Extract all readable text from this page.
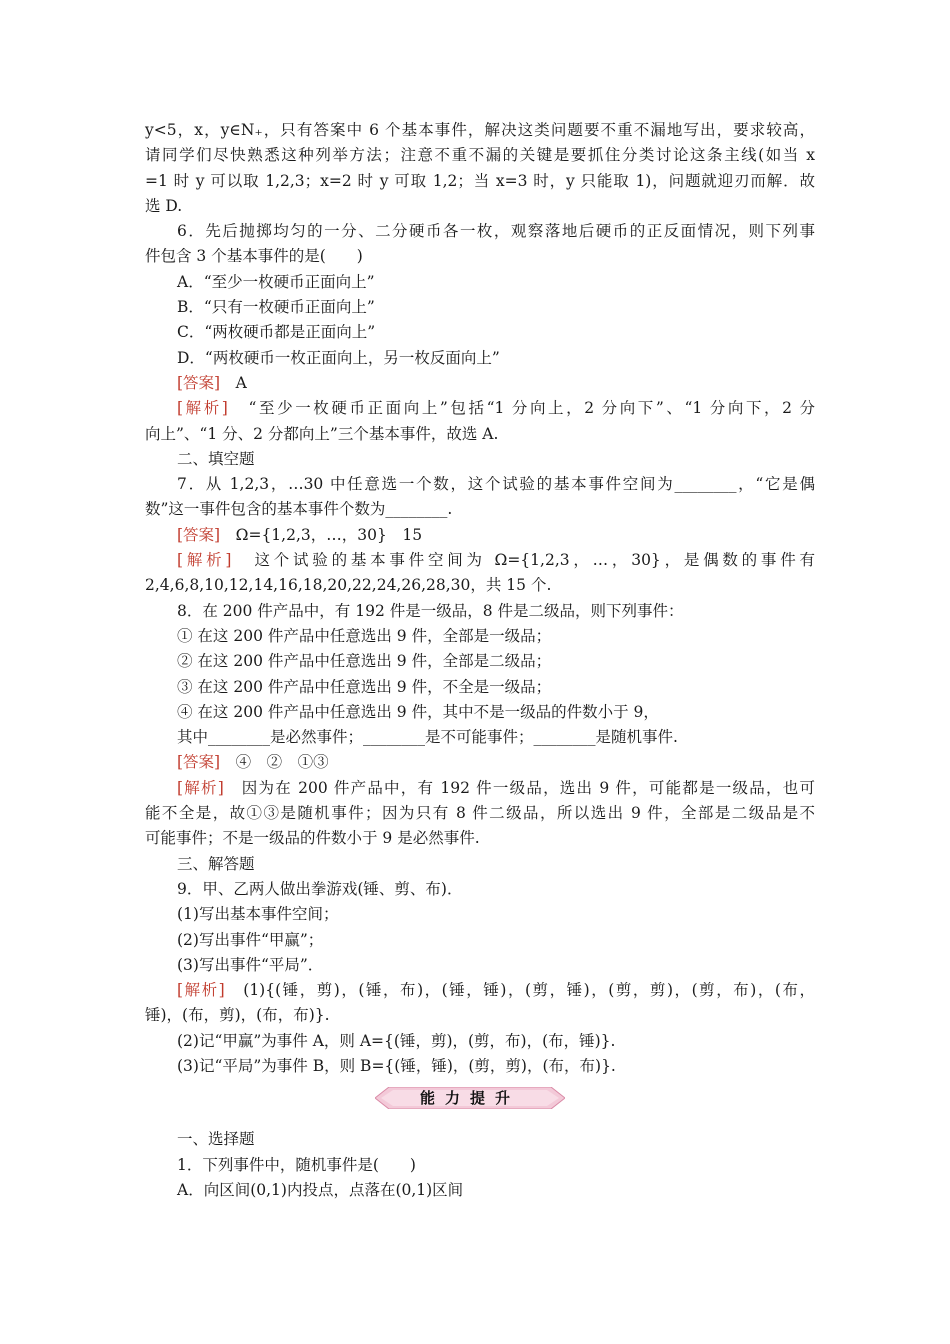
y<5，x，y∈N₊，只有答案中 6 个基本事件，解决这类问题要不重不漏地写出，要求较高，
请同学们尽快熟悉这种列举方法；注意不重不漏的关键是要抓住分类讨论这条主线(如当 x
=1 时 y 可以取 1,2,3；x=2 时 y 可取 1,2；当 x=3 时，y 只能取 1)，问题就迎刃而解．故
选 D.
6．先后抛掷均匀的一分、二分硬币各一枚，观察落地后硬币的正反面情况，则下列事
件包含 3 个基本事件的是(　　)
A．“至少一枚硬币正面向上”
B．“只有一枚硬币正面向上”
C．“两枚硬币都是正面向上”
D．“两枚硬币一枚正面向上，另一枚反面向上”
[答案]　A
[解析]　“至少一枚硬币正面向上”包括“1 分向上，2 分向下”、“1 分向下，2 分
向上”、“1 分、2 分都向上”三个基本事件，故选 A.
二、填空题
7．从 1,2,3，…30 中任意选一个数，这个试验的基本事件空间为________，“它是偶
数”这一事件包含的基本事件个数为________.
[答案]　Ω={1,2,3，…，30}　15
[解析]　这个试验的基本事件空间为 Ω={1,2,3，…，30}，是偶数的事件有
2,4,6,8,10,12,14,16,18,20,22,24,26,28,30，共 15 个.
8．在 200 件产品中，有 192 件是一级品，8 件是二级品，则下列事件：
① 在这 200 件产品中任意选出 9 件，全部是一级品；
② 在这 200 件产品中任意选出 9 件，全部是二级品；
③ 在这 200 件产品中任意选出 9 件，不全是一级品；
④ 在这 200 件产品中任意选出 9 件，其中不是一级品的件数小于 9，
其中________是必然事件；________是不可能事件；________是随机事件.
[答案]　④　②　①③
[解析]　因为在 200 件产品中，有 192 件一级品，选出 9 件，可能都是一级品，也可
能不全是，故①③是随机事件；因为只有 8 件二级品，所以选出 9 件，全部是二级品是不
可能事件；不是一级品的件数小于 9 是必然事件.
三、解答题
9．甲、乙两人做出拳游戏(锤、剪、布)．
(1)写出基本事件空间；
(2)写出事件“甲赢”；
(3)写出事件“平局”．
[解析]　(1){(锤，剪)，(锤，布)，(锤，锤)，(剪，锤)，(剪，剪)，(剪，布)，(布，
锤)，(布，剪)，(布，布)}.
(2)记“甲赢”为事件 A，则 A={(锤，剪)，(剪，布)，(布，锤)}.
(3)记“平局”为事件 B，则 B={(锤，锤)，(剪，剪)，(布，布)}.
能力提升
一、选择题
1．下列事件中，随机事件是(　　)
A．向区间(0,1)内投点，点落在(0,1)区间
